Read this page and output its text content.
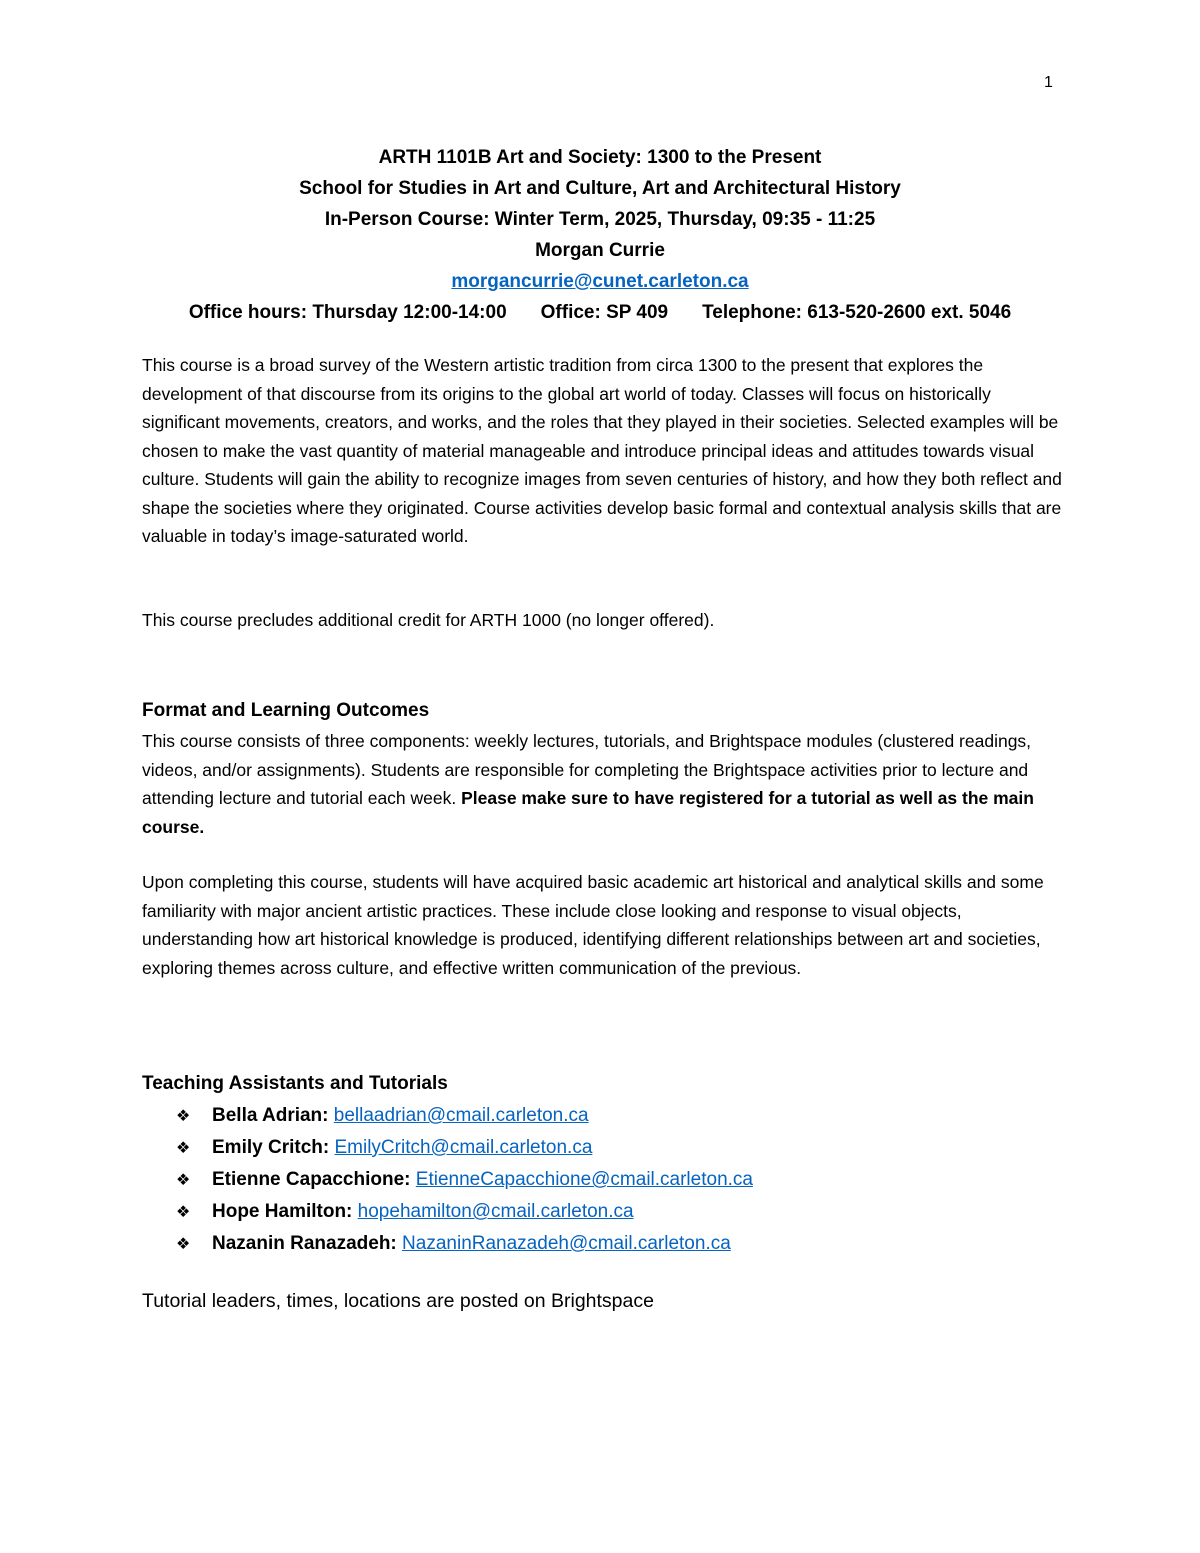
1
ARTH 1101B Art and Society: 1300 to the Present
School for Studies in Art and Culture, Art and Architectural History
In-Person Course: Winter Term, 2025, Thursday, 09:35 - 11:25
Morgan Currie
morgancurrie@cunet.carleton.ca
Office hours: Thursday 12:00-14:00 Office: SP 409 Telephone: 613-520-2600 ext. 5046
This course is a broad survey of the Western artistic tradition from circa 1300 to the present that explores the development of that discourse from its origins to the global art world of today. Classes will focus on historically significant movements, creators, and works, and the roles that they played in their societies. Selected examples will be chosen to make the vast quantity of material manageable and introduce principal ideas and attitudes towards visual culture. Students will gain the ability to recognize images from seven centuries of history, and how they both reflect and shape the societies where they originated. Course activities develop basic formal and contextual analysis skills that are valuable in today’s image-saturated world.
This course precludes additional credit for ARTH 1000 (no longer offered).
Format and Learning Outcomes
This course consists of three components: weekly lectures, tutorials, and Brightspace modules (clustered readings, videos, and/or assignments). Students are responsible for completing the Brightspace activities prior to lecture and attending lecture and tutorial each week. Please make sure to have registered for a tutorial as well as the main course.
Upon completing this course, students will have acquired basic academic art historical and analytical skills and some familiarity with major ancient artistic practices. These include close looking and response to visual objects, understanding how art historical knowledge is produced, identifying different relationships between art and societies, exploring themes across culture, and effective written communication of the previous.
Teaching Assistants and Tutorials
❖ Bella Adrian: bellaadrian@cmail.carleton.ca
❖ Emily Critch: EmilyCritch@cmail.carleton.ca
❖ Etienne Capacchione: EtienneCapacchione@cmail.carleton.ca
❖ Hope Hamilton: hopehamilton@cmail.carleton.ca
❖ Nazanin Ranazadeh: NazaninRanazadeh@cmail.carleton.ca
Tutorial leaders, times, locations are posted on Brightspace
